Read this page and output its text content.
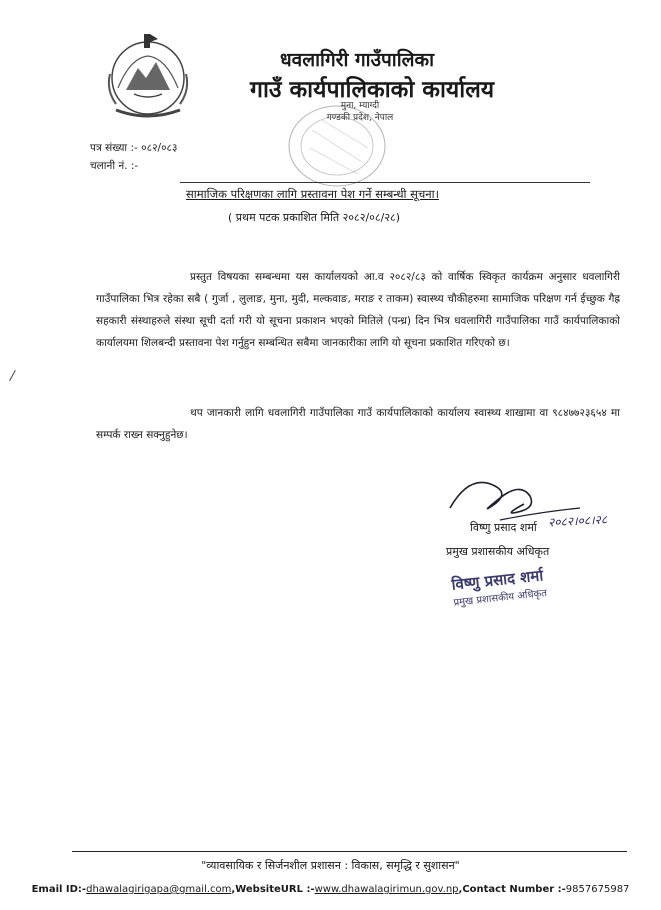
धवलागिरी गाउँपालिका
गाउँ कार्यपालिकाको कार्यालय
मुना, म्याग्दी
गण्डकी प्रदेश, नेपाल
पत्र संख्या :- ०८२/०८३
चलानी नं. :-
सामाजिक परिक्षणका लागि प्रस्तावना पेश गर्ने सम्बन्धी सूचना।
( प्रथम पटक प्रकाशित मिति २०८२/०८/२८)

प्रस्तुत विषयका सम्बन्धमा यस कार्यालयको आ.व २०८२/८३ को वार्षिक स्विकृत कार्यक्रम अनुसार धवलागिरी गाउँपालिका भित्र रहेका सबै ( गुर्जा , लुलाङ, मुना, मुदी, मल्कवाङ, मराङ र ताकम) स्वास्थ्य चौकीहरुमा सामाजिक परिक्षण गर्न ईच्छुक गैह्र सहकारी संस्थाहरुले संस्था सूची दर्ता गरी यो सूचना प्रकाशन भएको मितिले (पन्ध्र) दिन भित्र धवलागिरी गाउँपालिका गाउँ कार्यपालिकाको कार्यालयमा शिलबन्दी प्रस्तावना पेश गर्नुहुन सम्बन्धित सबैमा जानकारीका लागि यो सूचना प्रकाशित गरिएको छ।

थप जानकारी लागि धवलागिरी गाउँपालिका गाउँ कार्यपालिकाको कार्यालय स्वास्थ्य शाखामा वा ९८४७७२३६५४ मा सम्पर्क राख्न सक्नुहुनेछ।

/
विष्णु प्रसाद शर्मा २०८२।०८।२८
प्रमुख प्रशासकीय अधिकृत
विष्णु प्रसाद शर्मा
प्रमुख प्रशासकीय अधिकृत
"व्यावसायिक र सिर्जनशील प्रशासन : विकास, समृद्धि र सुशासन"
Email ID:-dhawalagirigapa@gmail.com,WebsiteURL :-www.dhawalagirimun.gov.np,Contact Number :-9857675987
